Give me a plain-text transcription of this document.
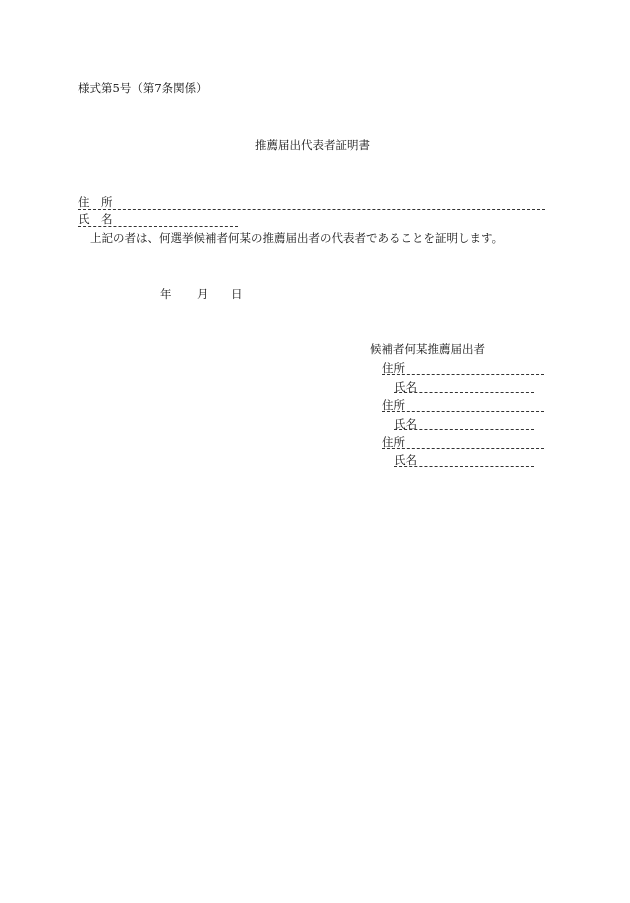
様式第5号（第7条関係）
推薦届出代表者証明書
住　所
氏　名
上記の者は、何選挙候補者何某の推薦届出者の代表者であることを証明します。
年 月 日
候補者何某推薦届出者
住所
氏名
住所
氏名
住所
氏名
